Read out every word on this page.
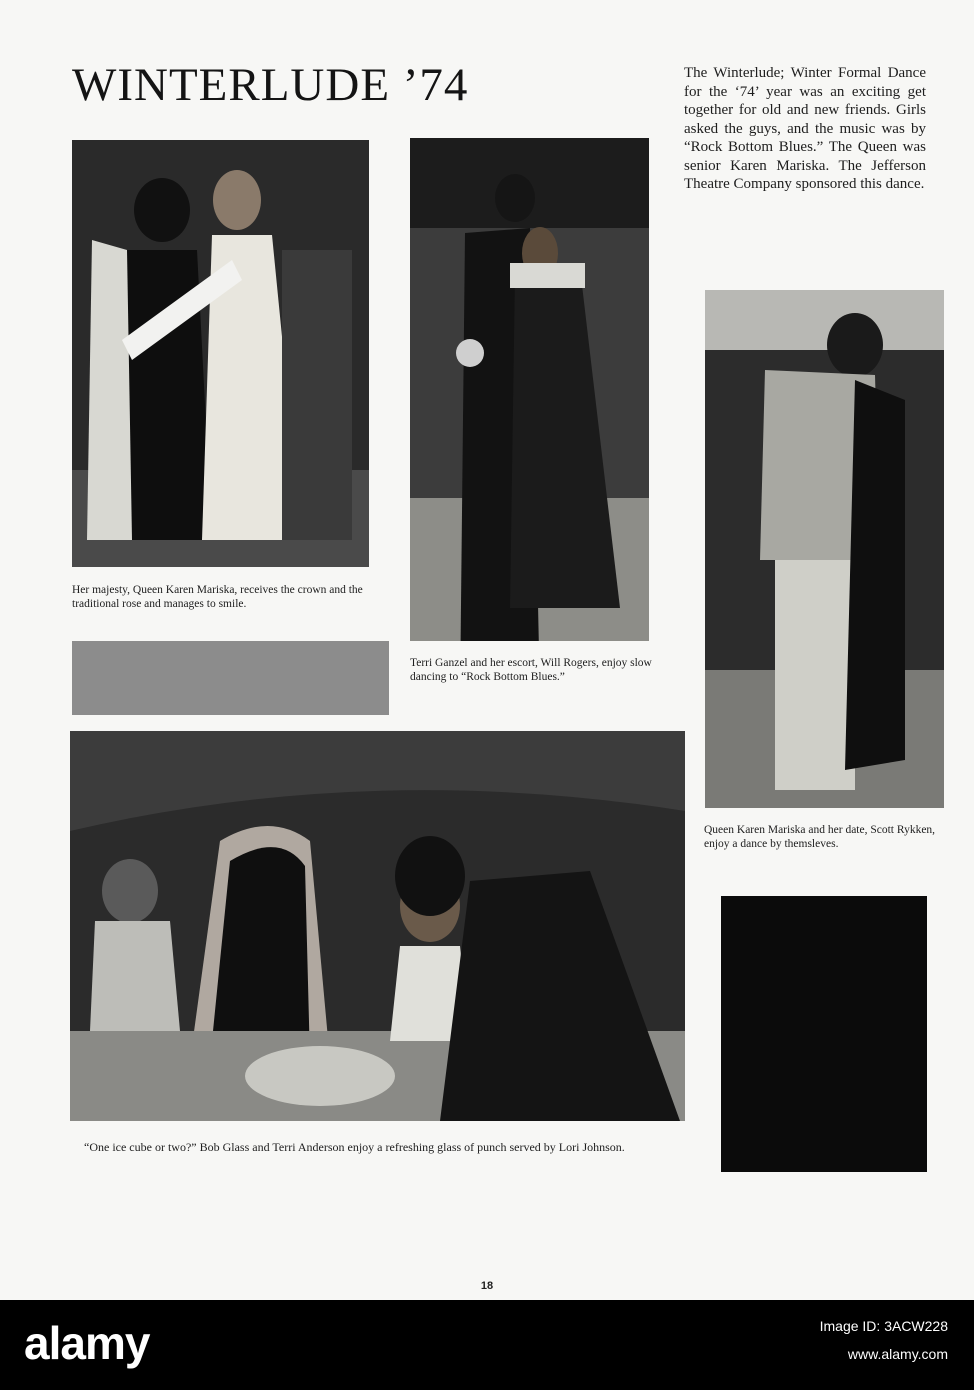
WINTERLUDE ’74	The Winterlude; Winter Formal Dance for the ‘74’ year was an exciting get together for old and new friends. Girls asked the guys, and the music was by “Rock Bottom Blues.” The Queen was senior Karen Mariska. The Jefferson Theatre Company sponsored this dance.

Her majesty, Queen Karen Mariska, receives the crown and the traditional rose and manages to smile.

Terri Ganzel and her escort, Will Rogers, enjoy slow dancing to “Rock Bottom Blues.”

Queen Karen Mariska and her date, Scott Rykken, enjoy a dance by themsleves.

“One ice cube or two?” Bob Glass and Terri Anderson enjoy a refreshing glass of punch served by Lori Johnson.

18
alamy	Image ID: 3ACW228
www.alamy.com
